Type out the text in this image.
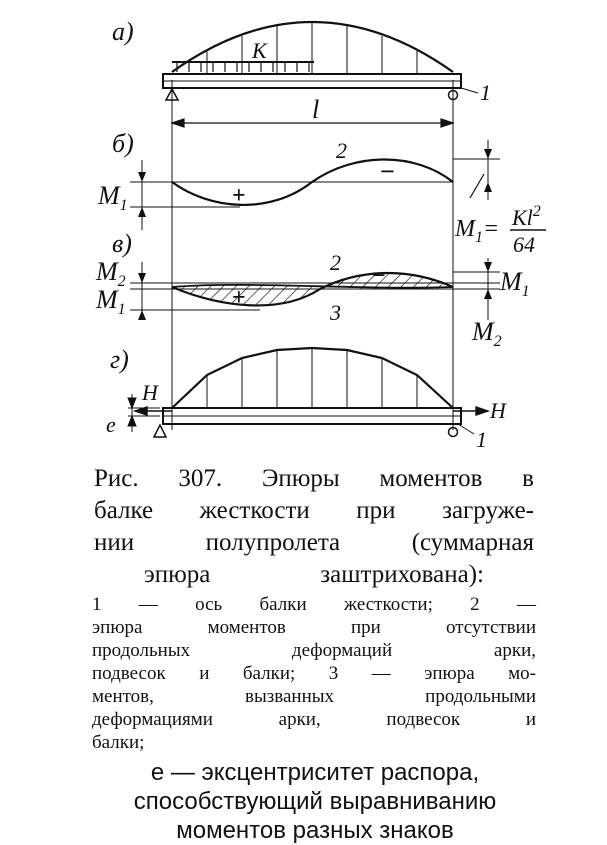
а)
K
1
l
б)	2
+
−
$M_1$
$M_1= Kl^2$
64
в)
2
3
+
−
$M_2$
$M_1$
$M_1$
$M_2$
г)
H
H
e
1

Рис. 307. Эпюры моментов в

балке жесткости при загруже-

нии полупролета (суммарная

эпюра заштрихована):

1 — ось балки жесткости; 2 —

эпюра моментов при отсутствии

продольных деформаций арки,

подвесок и балки; 3 — эпюра мо-

ментов, вызванных продольными

деформациями арки, подвесок и

балки;

e — эксцентриситет распора,

способствующий выравниванию

моментов разных знаков
